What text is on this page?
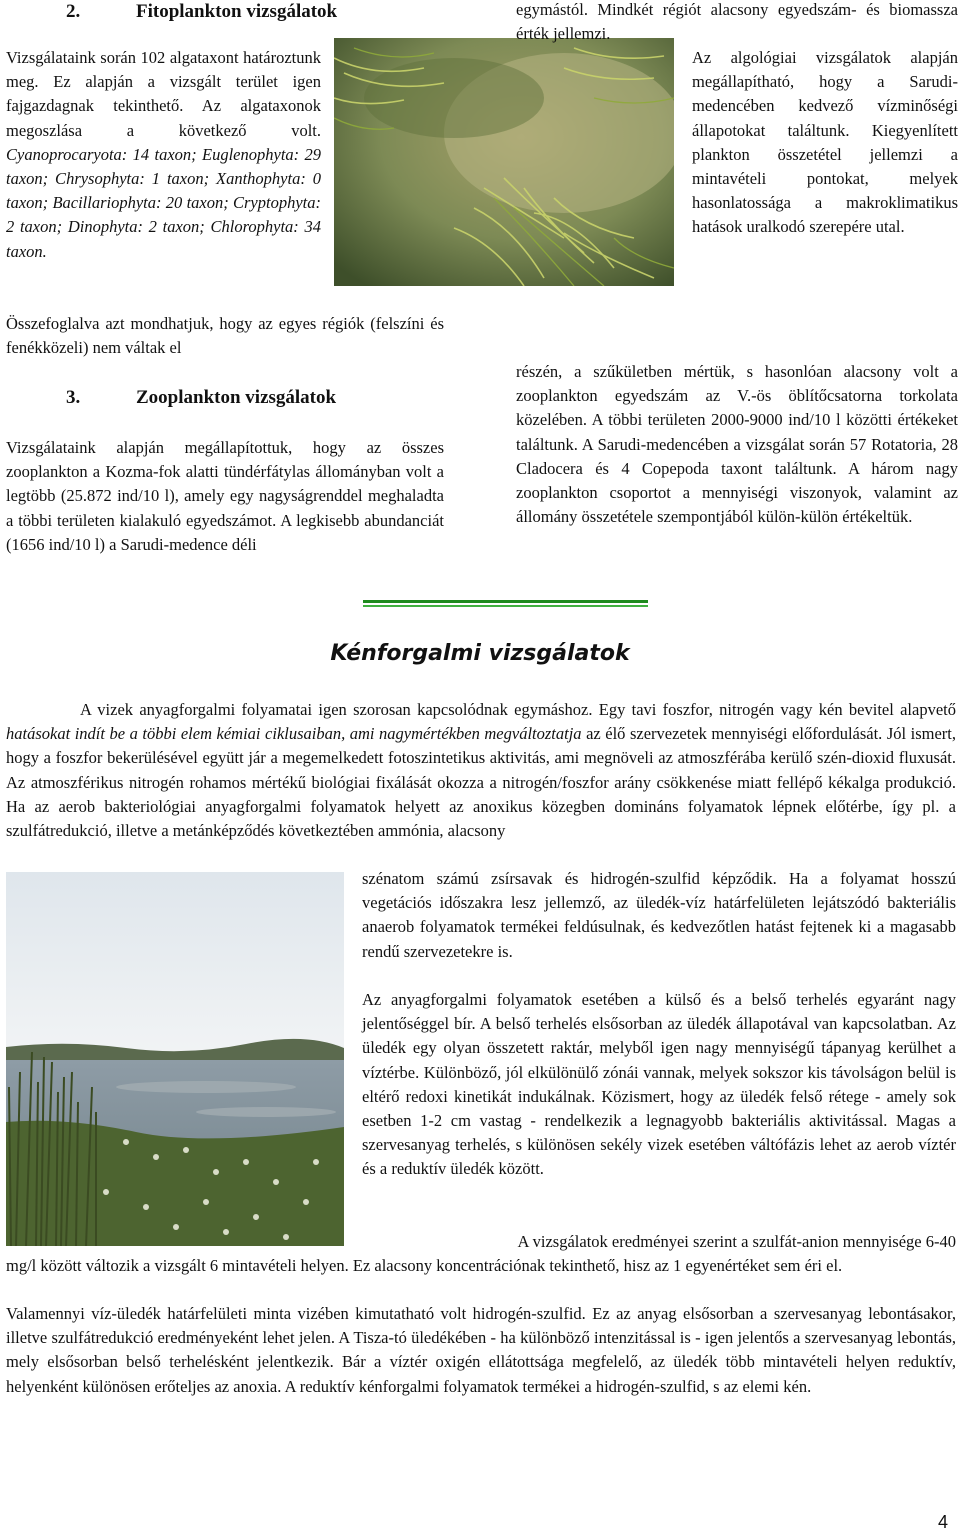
2.	Fitoplankton vizsgálatok
Vizsgálataink során 102 algataxont határoztunk meg. Ez alapján a vizsgált terület igen fajgazdagnak tekinthető. Az algataxonok megoszlása a következő volt. Cyanoprocaryota: 14 taxon; Euglenophyta: 29 taxon; Chrysophyta: 1 taxon; Xanthophyta: 0 taxon; Bacillariophyta: 20 taxon; Cryptophyta: 2 taxon; Dinophyta: 2 taxon; Chlorophyta: 34 taxon.
Összefoglalva azt mondhatjuk, hogy az egyes régiók (felszíni és fenékközeli) nem váltak el
egymástól. Mindkét régiót alacsony egyedszám- és biomassza érték jellemzi.
Az algológiai vizsgálatok alapján megállapítható, hogy a Sarudi-medencében kedvező vízminőségi állapotokat találtunk. Kiegyenlített plankton összetétel jellemzi a mintavételi pontokat, melyek hasonlatossága a makroklimatikus hatások uralkodó szerepére utal.
3.	Zooplankton vizsgálatok
Vizsgálataink alapján megállapítottuk, hogy az összes zooplankton a Kozma-fok alatti tündérfátylas állományban volt a legtöbb (25.872 ind/10 l), amely egy nagyságrenddel meghaladta a többi területen kialakuló egyedszámot. A legkisebb abundanciát (1656 ind/10 l) a Sarudi-medence déli
részén, a szűkületben mértük, s hasonlóan alacsony volt a zooplankton egyedszám az V.-ös öblítőcsatorna torkolata közelében. A többi területen 2000-9000 ind/10 l közötti értékeket találtunk. A Sarudi-medencében a vizsgálat során 57 Rotatoria, 28 Cladocera és 4 Copepoda taxont találtunk. A három nagy zooplankton csoportot a mennyiségi viszonyok, valamint az állomány összetétele szempontjából külön-külön értékeltük.
Kénforgalmi vizsgálatok
A vizek anyagforgalmi folyamatai igen szorosan kapcsolódnak egymáshoz. Egy tavi foszfor, nitrogén vagy kén bevitel alapvető hatásokat indít be a többi elem kémiai ciklusaiban, ami nagymértékben megváltoztatja az élő szervezetek mennyiségi előfordulását. Jól ismert, hogy a foszfor bekerülésével együtt jár a megemelkedett fotoszintetikus aktivitás, ami megnöveli az atmoszférába kerülő szén-dioxid fluxusát. Az atmoszférikus nitrogén rohamos mértékű biológiai fixálását okozza a nitrogén/foszfor arány csökkenése miatt fellépő kékalga produkció. Ha az aerob bakteriológiai anyagforgalmi folyamatok helyett az anoxikus közegben domináns folyamatok lépnek előtérbe, így pl. a szulfátredukció, illetve a metánképződés következtében ammónia, alacsony
szénatom számú zsírsavak és hidrogén-szulfid képződik. Ha a folyamat hosszú vegetációs időszakra lesz jellemző, az üledék-víz határfelületen lejátszódó bakteriális anaerob folyamatok termékei feldúsulnak, és kedvezőtlen hatást fejtenek ki a magasabb rendű szervezetekre is.
Az anyagforgalmi folyamatok esetében a külső és a belső terhelés egyaránt nagy jelentőséggel bír. A belső terhelés elsősorban az üledék állapotával van kapcsolatban. Az üledék egy olyan összetett raktár, melyből igen nagy mennyiségű tápanyag kerülhet a víztérbe. Különböző, jól elkülönülő zónái vannak, melyek sokszor kis távolságon belül is eltérő redoxi kinetikát indukálnak. Közismert, hogy az üledék felső rétege - amely sok esetben 1-2 cm vastag - rendelkezik a legnagyobb bakteriális aktivitással. Magas a szervesanyag terhelés, s különösen sekély vizek esetében váltófázis lehet az aerob víztér és a reduktív üledék között.
A vizsgálatok eredményei szerint a szulfát-anion mennyisége 6-40
mg/l között változik a vizsgált 6 mintavételi helyen. Ez alacsony koncentrációnak tekinthető, hisz az 1 egyenértéket sem éri el.
Valamennyi víz-üledék határfelületi minta vizében kimutatható volt hidrogén-szulfid. Ez az anyag elsősorban a szervesanyag lebontásakor, illetve szulfátredukció eredményeként lehet jelen. A Tisza-tó üledékében - ha különböző intenzitással is - igen jelentős a szervesanyag lebontás, mely elsősorban belső terhelésként jelentkezik. Bár a víztér oxigén ellátottsága megfelelő, az üledék több mintavételi helyen reduktív, helyenként különösen erőteljes az anoxia. A reduktív kénforgalmi folyamatok termékei a hidrogén-szulfid, s az elemi kén.
4
